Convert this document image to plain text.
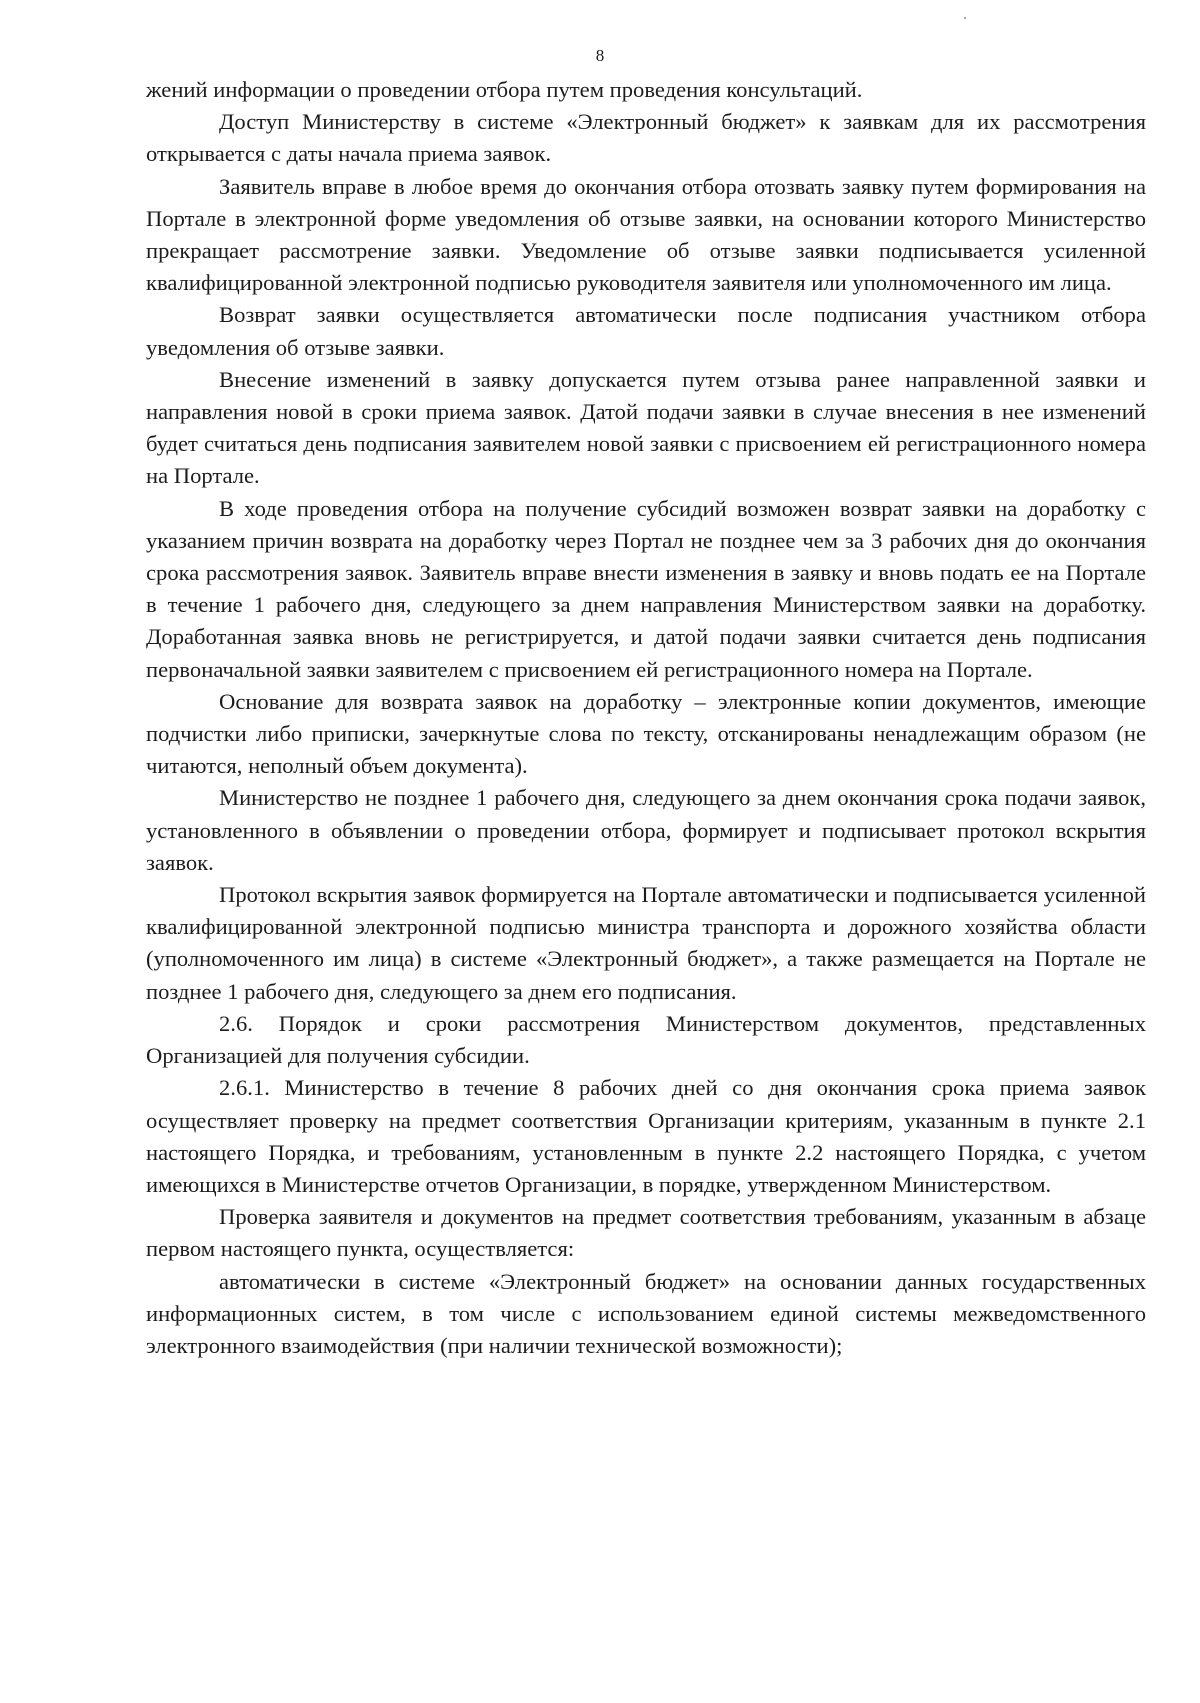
8

жений информации о проведении отбора путем проведения консультаций.

Доступ Министерству в системе «Электронный бюджет» к заявкам для их рассмотрения открывается с даты начала приема заявок.

Заявитель вправе в любое время до окончания отбора отозвать заявку путем формирования на Портале в электронной форме уведомления об отзыве заявки, на основании которого Министерство прекращает рассмотрение заявки. Уведомление об отзыве заявки подписывается усиленной квалифицированной электронной подписью руководителя заявителя или уполномоченного им лица.

Возврат заявки осуществляется автоматически после подписания участником отбора уведомления об отзыве заявки.

Внесение изменений в заявку допускается путем отзыва ранее направленной заявки и направления новой в сроки приема заявок. Датой подачи заявки в случае внесения в нее изменений будет считаться день подписания заявителем новой заявки с присвоением ей регистрационного номера на Портале.

В ходе проведения отбора на получение субсидий возможен возврат заявки на доработку с указанием причин возврата на доработку через Портал не позднее чем за 3 рабочих дня до окончания срока рассмотрения заявок. Заявитель вправе внести изменения в заявку и вновь подать ее на Портале в течение 1 рабочего дня, следующего за днем направления Министерством заявки на доработку. Доработанная заявка вновь не регистрируется, и датой подачи заявки считается день подписания первоначальной заявки заявителем с присвоением ей регистрационного номера на Портале.

Основание для возврата заявок на доработку – электронные копии документов, имеющие подчистки либо приписки, зачеркнутые слова по тексту, отсканированы ненадлежащим образом (не читаются, неполный объем документа).

Министерство не позднее 1 рабочего дня, следующего за днем окончания срока подачи заявок, установленного в объявлении о проведении отбора, формирует и подписывает протокол вскрытия заявок.

Протокол вскрытия заявок формируется на Портале автоматически и подписывается усиленной квалифицированной электронной подписью министра транспорта и дорожного хозяйства области (уполномоченного им лица) в системе «Электронный бюджет», а также размещается на Портале не позднее 1 рабочего дня, следующего за днем его подписания.

2.6. Порядок и сроки рассмотрения Министерством документов, представленных Организацией для получения субсидии.

2.6.1. Министерство в течение 8 рабочих дней со дня окончания срока приема заявок осуществляет проверку на предмет соответствия Организации критериям, указанным в пункте 2.1 настоящего Порядка, и требованиям, установленным в пункте 2.2 настоящего Порядка, с учетом имеющихся в Министерстве отчетов Организации, в порядке, утвержденном Министерством.

Проверка заявителя и документов на предмет соответствия требованиям, указанным в абзаце первом настоящего пункта, осуществляется:

автоматически в системе «Электронный бюджет» на основании данных государственных информационных систем, в том числе с использованием единой системы межведомственного электронного взаимодействия (при наличии технической возможности);
